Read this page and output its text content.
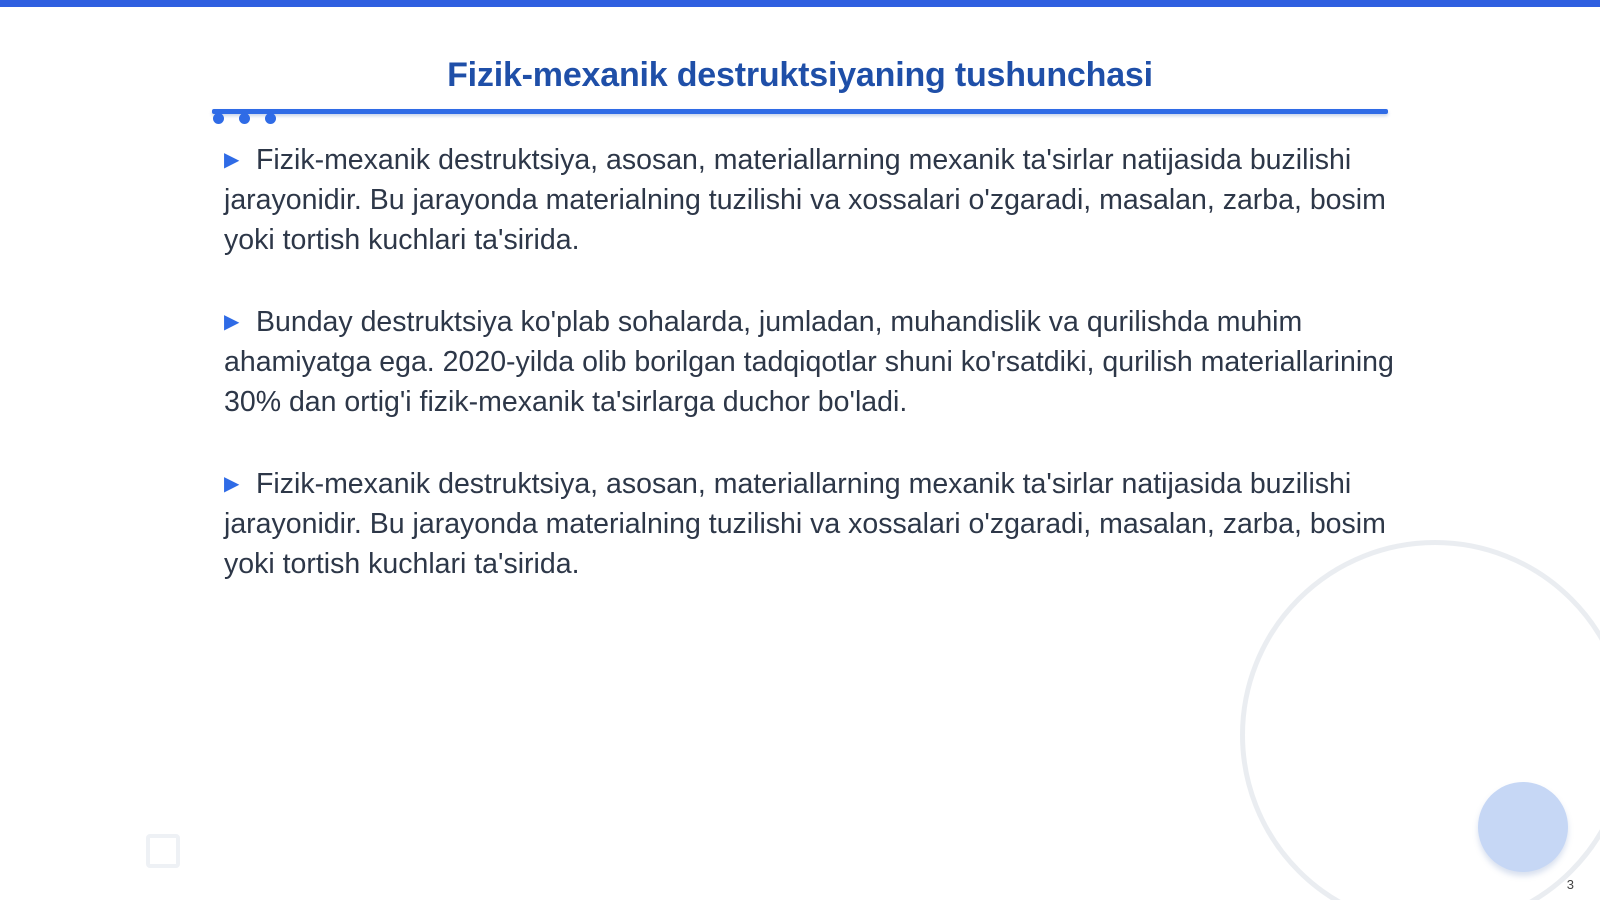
Fizik-mexanik destruktsiyaning tushunchasi

▶ Fizik-mexanik destruktsiya, asosan, materiallarning mexanik ta'sirlar natijasida buzilishi jarayonidir. Bu jarayonda materialning tuzilishi va xossalari o'zgaradi, masalan, zarba, bosim yoki tortish kuchlari ta'sirida.

▶ Bunday destruktsiya ko'plab sohalarda, jumladan, muhandislik va qurilishda muhim ahamiyatga ega. 2020-yilda olib borilgan tadqiqotlar shuni ko'rsatdiki, qurilish materiallarining 30% dan ortig'i fizik-mexanik ta'sirlarga duchor bo'ladi.

▶ Fizik-mexanik destruktsiya, asosan, materiallarning mexanik ta'sirlar natijasida buzilishi jarayonidir. Bu jarayonda materialning tuzilishi va xossalari o'zgaradi, masalan, zarba, bosim yoki tortish kuchlari ta'sirida.

3
